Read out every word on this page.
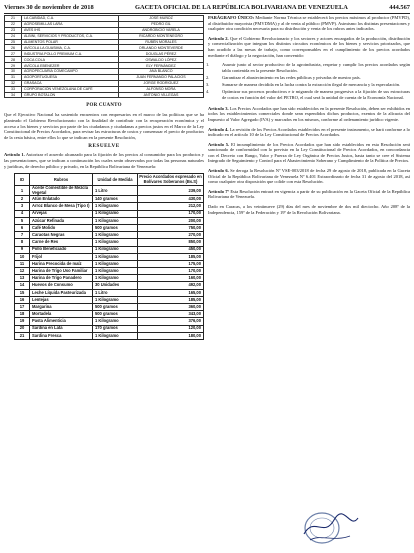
Viernes 30 de noviembre de 2018	GACETA OFICIAL DE LA REPÚBLICA BOLIVARIANA DE VENEZUELA	444.567
21	LA CABIDAD, C.A.	JOSÉ MUÑOZ
22	AGROSEMILLAS LARA	PEDRO GIL
23	AVES IHS	ANDROBICIO VARELA
24	ALBINI, SERVICIOS Y PRODUCTOS, C.A.	RICARDO MONTENEGRO
25	ALIMENTOS POLAR	RUBÉN MORALES
26	AVÍCOLA LA GUASIMA, C.A.	ORLANDO MONTEVERDE
27	INDUSTRIA POLLO PREMIUM C.A.	DOUGLAS PÉREZ
28	COCA COLA	OSWALDO LÓPEZ
29	AVÍCOLA EBENEZER	ELY FERNÁNDEZ
30	AGROPECUARIA COMECAMPO	ANA BLANCO
31	AGOPORTUGUESA	JUAN FERNANDO PALACIOS
32	GRASACA	JORGE RODRÍGUEZ
33	CORPORACIÓN VENEZOLANA DE CAFÉ	ALFONSO MORA
34	GRUPO BOTALON	ANTONIO VILLEGAS
POR CUANTO

Que el Ejecutivo Nacional ha sostenido encuentros con empresarios en el marco de las políticas que se ha planteado el Gobierno Revolucionario con la finalidad de contribuir con la recuperación económica y el acceso a los bienes y servicios por parte de los ciudadanos y ciudadanas a precios justos en el Marco de la Ley Constitucional de Precios Acordados, para revisar las estructuras de costos y consensuar el precio de productos de la cesta básica, entre ellos lo que se indican en la presente Resolución,

RESUELVE

Artículo 1. Autorizar el acuerdo alcanzado para la fijación de los precios al consumidor para los productos y las presentaciones, que se indican a continuación los cuales serán observados por todas las personas naturales y jurídicas, de derecho público y privado, en la República Bolivariana de Venezuela:

ID	Rubros	Unidad de Medida	Precio Acordados expresado en Bolívares Soberanos (Bs.S)
1	Aceite Comestible de Mezcla Vegetal	1 Litro	239,00
2	Atún Enlatado	140 gramos	430,00
3	Arroz Blanco de Mesa (Tipo I)	1 Kilogramo	212,00
4	Arvejas	1 Kilogramo	170,00
5	Azúcar Refinada	1 Kilogramo	200,00
6	Café Molido	500 gramos	750,00
7	Caraotas Negras	1 Kilogramo	270,00
8	Carne de Res	1 Kilogramo	850,00
9	Pollo Beneficiado	1 Kilogramo	450,00
10	Frijol	1 Kilogramo	185,00
11	Harina Precocida de maíz	1 Kilogramo	175,00
12	Harina de Trigo Uso Familiar	1 Kilogramo	170,00
13	Harina de Trigo Panadero	1 Kilogramo	160,00
14	Huevos de Consumo	30 Unidades	492,00
15	Leche Líquida Pasteurizada	1 Litro	165,00
16	Lentejas	1 Kilogramo	185,00
17	Margarina	500 gramos	360,00
18	Mortadela	500 gramos	343,00
19	Pasta Alimenticia	1 Kilogramo	376,00
20	Sardina en Lata	170 gramos	120,00
21	Sardina Fresca	1 Kilogramo	180,00

PARÁGRAFO ÚNICO: Mediante Norma Técnica se establecerá los precios máximos al productor (PMVPD), al distribuidor mayorista (PMVDMA) y al de venta al público (PMVP). Asimismo los distintas presentaciones y cualquier otra condición necesaria para su distribución y venta de los rubros antes indicados.

Artículo 2. Que el Gobierno Revolucionario y los sectores y actores encargados de la producción, distribución y comercialización que integran los distintos circuitos económicos de los bienes y servicios priorizados, que han acudido a las mesas de trabajo, como corresponsables en el cumplimiento de los precios acordados mediante el diálogo y la negociación, han convenido:

1.	Asumir junto al sector productivo de la agroindustria, respetar y cumplir los precios acordados según tabla contenida en la presente Resolución.

2.	Garantizar el abastecimiento en las redes públicas y privadas de nuestro país.

3.	Sumarse de manera decidida en la lucha contra la extracción ilegal de mercancía y la especulación.

4.	Optimizar sus procesos productivos e ir migrando de manera progresiva a la fijación de sus estructuras de costos en función del valor del PETRO, el cual será la unidad de cuenta de la Economía Nacional.

Artículo 3. Los Precios Acordados que han sido establecidos en la presente Resolución, deben ser exhibidos en todos los establecimientos comerciales donde sean expendidos dichos productos, exentos de la alícuota del Impuesto al Valor Agregado (IVA) y marcados en los mismos, conforme al ordenamiento jurídico vigente.

Artículo 4. La revisión de los Precios Acordados establecidos en el presente instrumento, se hará conforme a lo indicado en el artículo 10 de la Ley Constitucional de Precios Acordados.

Artículo 5. El incumplimiento de los Precios Acordados que han sido establecidos en esta Resolución será sancionado de conformidad con lo previsto en la Ley Constitucional de Precios Acordados, en concordancia con el Decreto con Rango, Valor y Fuerza de Ley Orgánica de Precios Justos, hasta tanto se cree el Sistema Integrado de Seguimiento y Control para el Abastecimiento Soberano y Cumplimiento de la Política de Precios.

Artículo 6. Se deroga la Resolución Nº VSE-003/2018 de fecha 29 de agosto de 2018, publicada en la Gaceta Oficial de la República Bolivariana de Venezuela Nº 6.401 Extraordinario de fecha 31 de agosto del 2018, así como cualquier otra disposición que colide con esta Resolución.

Artículo 7º Esta Resolución entrará en vigencia a partir de su publicación en la Gaceta Oficial de la República Bolivariana de Venezuela.

Dado en Caracas, a los veintinueve (29) días del mes de noviembre de dos mil dieciocho. Año 208º de la Independencia, 159º de la Federación y 19º de la Revolución Bolivariana.
